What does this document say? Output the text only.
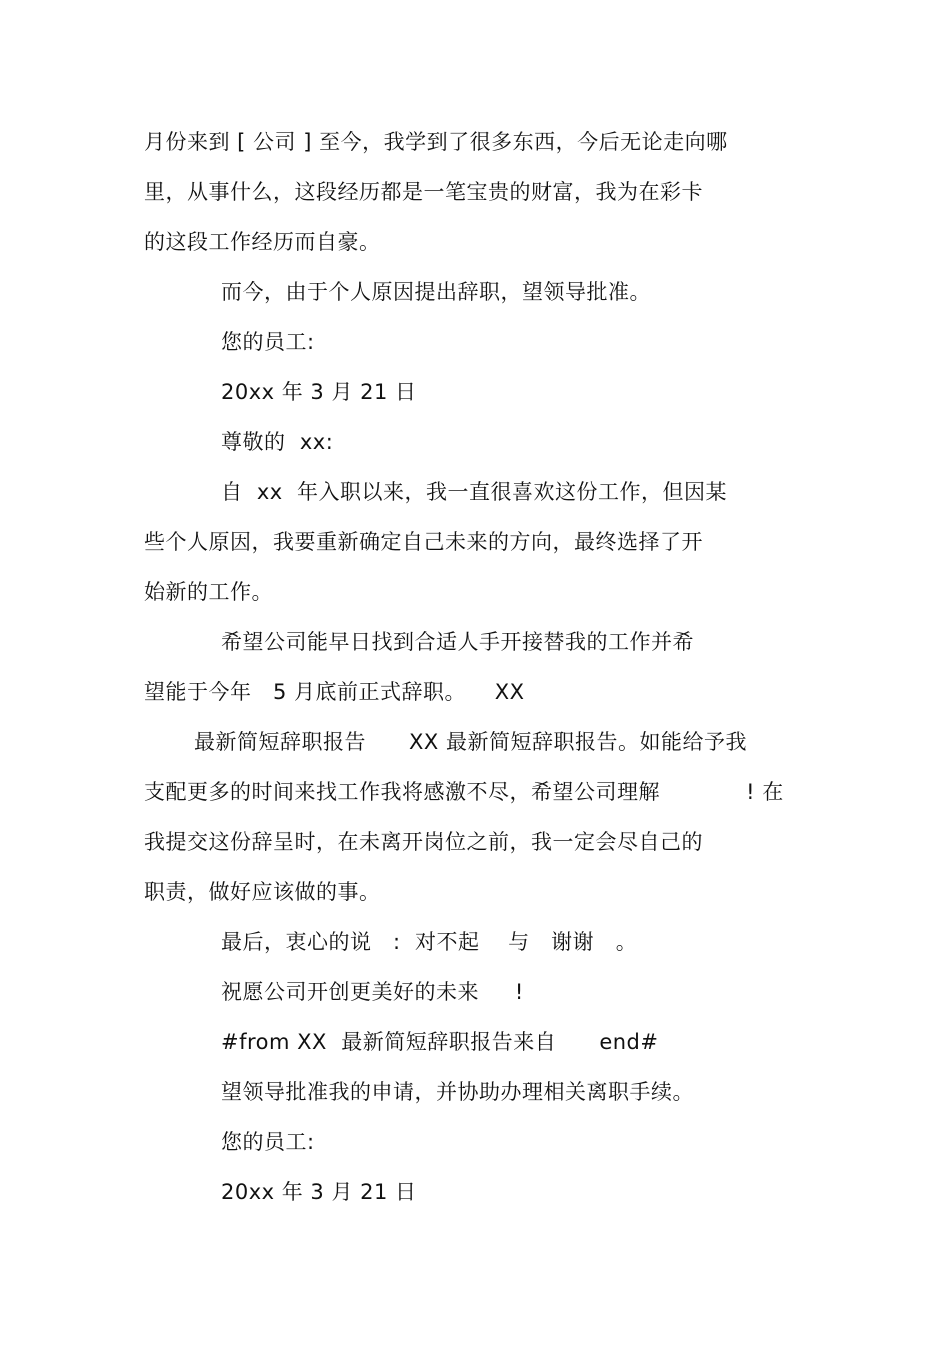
月份来到 [ 公司 ] 至今，我学到了很多东西，今后无论走向哪
里，从事什么，这段经历都是一笔宝贵的财富，我为在彩卡
的这段工作经历而自豪。
而今，由于个人原因提出辞职，望领导批准。
您的员工:
20xx 年 3 月 21 日
尊敬的  xx:
自  xx  年入职以来，我一直很喜欢这份工作，但因某
些个人原因，我要重新确定自己未来的方向，最终选择了开
始新的工作。
希望公司能早日找到合适人手开接替我的工作并希
望能于今年   5 月底前正式辞职。    XX
最新简短辞职报告      XX 最新简短辞职报告。如能给予我
支配更多的时间来找工作我将感激不尽，希望公司理解            ! 在
我提交这份辞呈时，在未离开岗位之前，我一定会尽自己的
职责，做好应该做的事。
最后，衷心的说   :  对不起    与   谢谢   。
祝愿公司开创更美好的未来     !
#from XX  最新简短辞职报告来自      end#
望领导批准我的申请，并协助办理相关离职手续。
您的员工:
20xx 年 3 月 21 日
